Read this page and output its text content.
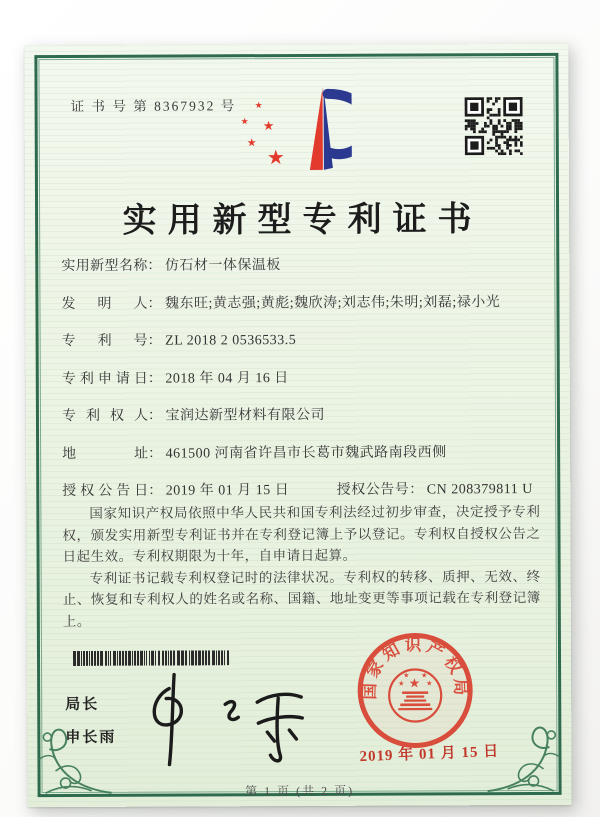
证 书 号 第 8367932 号
★
★
★
★
★
实用新型专利证书
实用新型名称： 仿石材一体保温板
发明人： 魏东旺;黄志强;黄彪;魏欣涛;刘志伟;朱明;刘磊;禄小光
专利号： ZL 2018 2 0536533.5
专利申请日： 2018 年 04 月 16 日
专利权人： 宝润达新型材料有限公司
地址： 461500 河南省许昌市长葛市魏武路南段西侧
授权公告日： 2019 年 01 月 15 日	授权公告号： CN 208379811 U

国家知识产权局依照中华人民共和国专利法经过初步审查，决定授予专利权，颁发实用新型专利证书并在专利登记簿上予以登记。专利权自授权公告之日起生效。专利权期限为十年，自申请日起算。

专利证书记载专利权登记时的法律状况。专利权的转移、质押、无效、终止、恢复和专利权人的姓名或名称、国籍、地址变更等事项记载在专利登记簿上。

局长
申长雨
国家知识产权局
★
★
★ ★
★
2019 年 01 月 15 日
第 1 页 (共 2 页)
